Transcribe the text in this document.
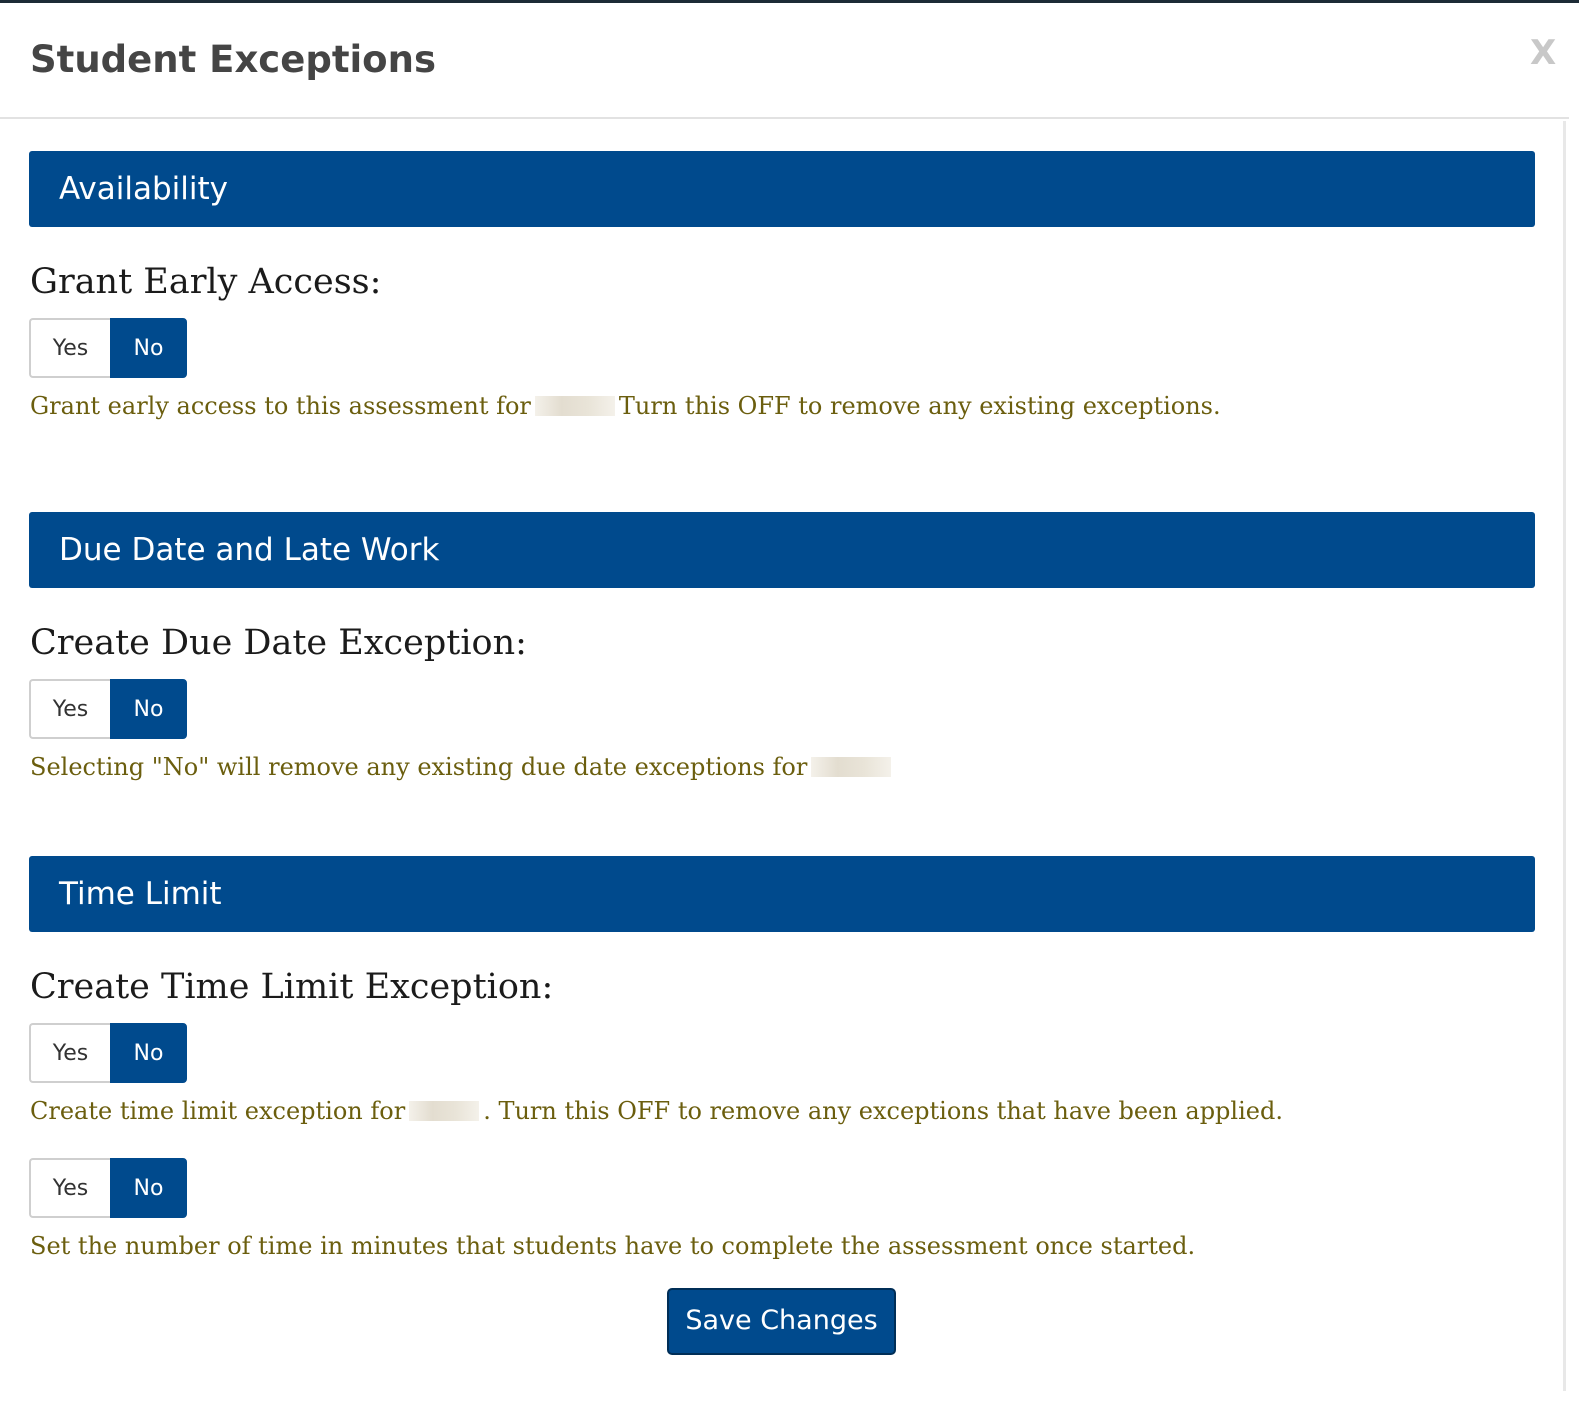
Student Exceptions	X
Availability
Grant Early Access:
Yes	No
Grant early access to this assessment for	Turn this OFF to remove any existing exceptions.
Due Date and Late Work
Create Due Date Exception:
Yes	No
Selecting "No" will remove any existing due date exceptions for
Time Limit
Create Time Limit Exception:
Yes	No
Create time limit exception for	. Turn this OFF to remove any exceptions that have been applied.
Yes	No
Set the number of time in minutes that students have to complete the assessment once started.
Save Changes
